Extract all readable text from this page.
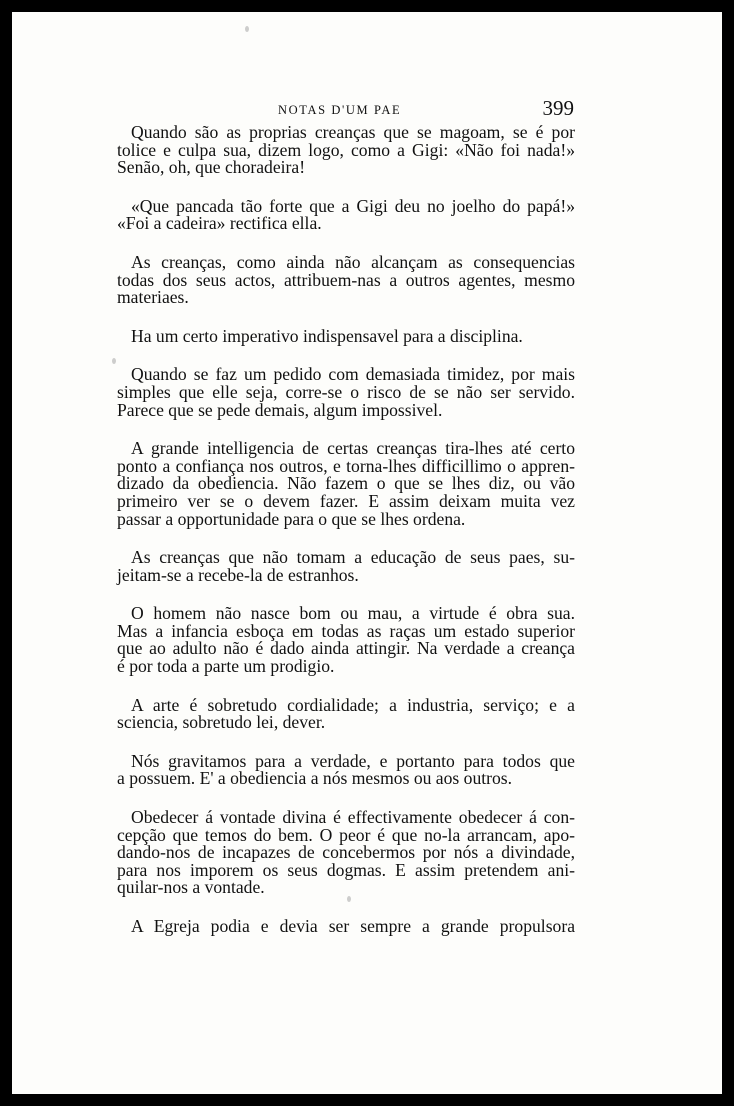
NOTAS D'UM PAE	399
Quando são as proprias creanças que se magoam, se é por
tolice e culpa sua, dizem logo, como a Gigi: «Não foi nada!»
Senão, oh, que choradeira!
«Que pancada tão forte que a Gigi deu no joelho do papá!»
«Foi a cadeira» rectifica ella.
As creanças, como ainda não alcançam as consequencias
todas dos seus actos, attribuem-nas a outros agentes, mesmo
materiaes.
Ha um certo imperativo indispensavel para a disciplina.
Quando se faz um pedido com demasiada timidez, por mais
simples que elle seja, corre-se o risco de se não ser servido.
Parece que se pede demais, algum impossivel.
A grande intelligencia de certas creanças tira-lhes até certo
ponto a confiança nos outros, e torna-lhes difficillimo o appren-
dizado da obediencia. Não fazem o que se lhes diz, ou vão
primeiro ver se o devem fazer. E assim deixam muita vez
passar a opportunidade para o que se lhes ordena.
As creanças que não tomam a educação de seus paes, su-
jeitam-se a recebe-la de estranhos.
O homem não nasce bom ou mau, a virtude é obra sua.
Mas a infancia esboça em todas as raças um estado superior
que ao adulto não é dado ainda attingir. Na verdade a creança
é por toda a parte um prodigio.
A arte é sobretudo cordialidade; a industria, serviço; e a
sciencia, sobretudo lei, dever.
Nós gravitamos para a verdade, e portanto para todos que
a possuem. E' a obediencia a nós mesmos ou aos outros.
Obedecer á vontade divina é effectivamente obedecer á con-
cepção que temos do bem. O peor é que no-la arrancam, apo-
dando-nos de incapazes de concebermos por nós a divindade,
para nos imporem os seus dogmas. E assim pretendem ani-
quilar-nos a vontade.
A Egreja podia e devia ser sempre a grande propulsora
